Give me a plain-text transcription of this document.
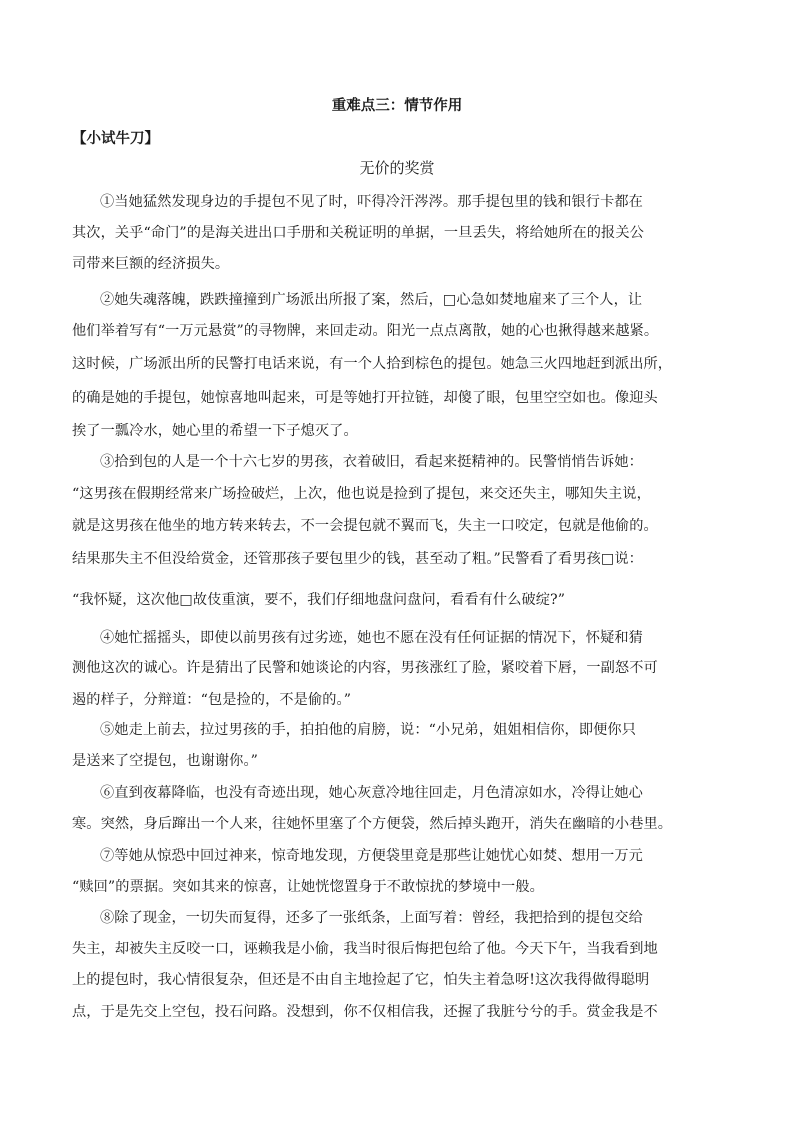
重难点三：情节作用
【小试牛刀】
无价的奖赏
①当她猛然发现身边的手提包不见了时，吓得冷汗涔涔。那手提包里的钱和银行卡都在
其次，关乎“命门”的是海关进出口手册和关税证明的单据，一旦丢失，将给她所在的报关公
司带来巨额的经济损失。
②她失魂落魄，跌跌撞撞到广场派出所报了案，然后，□心急如焚地雇来了三个人，让
他们举着写有“一万元悬赏”的寻物牌，来回走动。阳光一点点离散，她的心也揪得越来越紧。
这时候，广场派出所的民警打电话来说，有一个人拾到棕色的提包。她急三火四地赶到派出所，
的确是她的手提包，她惊喜地叫起来，可是等她打开拉链，却傻了眼，包里空空如也。像迎头
挨了一瓢冷水，她心里的希望一下子熄灭了。
③拾到包的人是一个十六七岁的男孩，衣着破旧，看起来挺精神的。民警悄悄告诉她：
“这男孩在假期经常来广场捡破烂，上次，他也说是捡到了提包，来交还失主，哪知失主说，
就是这男孩在他坐的地方转来转去，不一会提包就不翼而飞，失主一口咬定，包就是他偷的。
结果那失主不但没给赏金，还管那孩子要包里少的钱，甚至动了粗。”民警看了看男孩□说：
“我怀疑，这次他□故伎重演，要不，我们仔细地盘问盘问，看看有什么破绽?”
④她忙摇摇头，即使以前男孩有过劣迹，她也不愿在没有任何证据的情况下，怀疑和猜
测他这次的诚心。许是猜出了民警和她谈论的内容，男孩涨红了脸，紧咬着下唇，一副怒不可
遏的样子，分辩道：“包是捡的，不是偷的。”
⑤她走上前去，拉过男孩的手，拍拍他的肩膀，说：“小兄弟，姐姐相信你，即便你只
是送来了空提包，也谢谢你。”
⑥直到夜幕降临，也没有奇迹出现，她心灰意冷地往回走，月色清凉如水，冷得让她心
寒。突然，身后蹿出一个人来，往她怀里塞了个方便袋，然后掉头跑开，消失在幽暗的小巷里。
⑦等她从惊恐中回过神来，惊奇地发现，方便袋里竟是那些让她忧心如焚、想用一万元
“赎回”的票据。突如其来的惊喜，让她恍惚置身于不敢惊扰的梦境中一般。
⑧除了现金，一切失而复得，还多了一张纸条，上面写着：曾经，我把拾到的提包交给
失主，却被失主反咬一口，诬赖我是小偷，我当时很后悔把包给了他。今天下午，当我看到地
上的提包时，我心情很复杂，但还是不由自主地捡起了它，怕失主着急呀!这次我得做得聪明
点，于是先交上空包，投石问路。没想到，你不仅相信我，还握了我脏兮兮的手。赏金我是不
